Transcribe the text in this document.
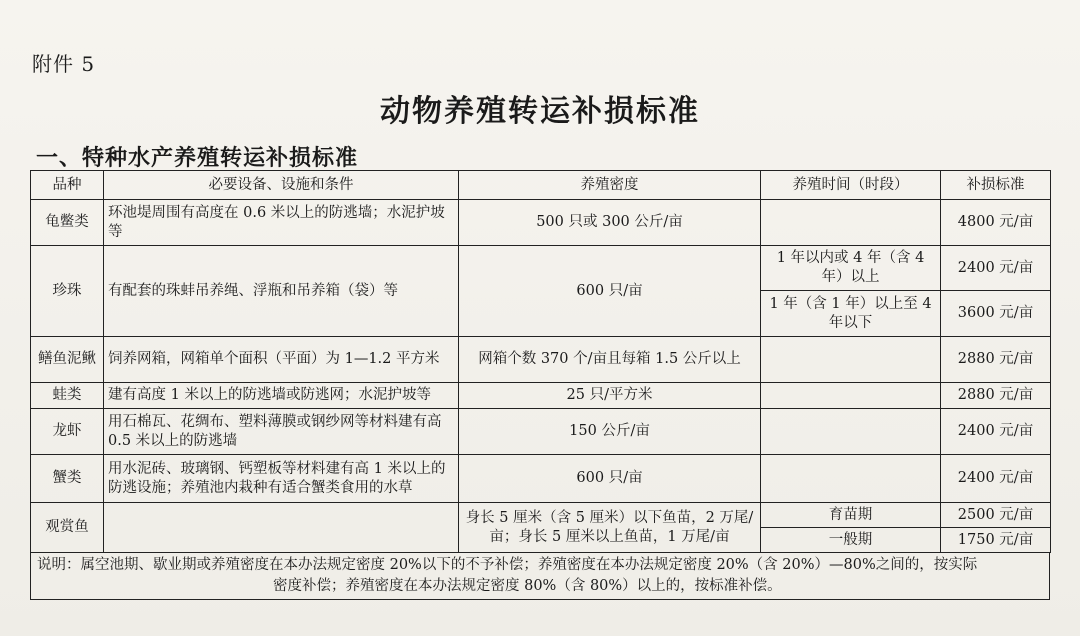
附件 5
动物养殖转运补损标准
一、特种水产养殖转运补损标准
品种	必要设备、设施和条件	养殖密度	养殖时间（时段）	补损标准
龟鳖类	环池堤周围有高度在 0.6 米以上的防逃墙；水泥护坡等	500 只或 300 公斤/亩		4800 元/亩
珍珠	有配套的珠蚌吊养绳、浮瓶和吊养箱（袋）等	600 只/亩	1 年以内或 4 年（含 4 年）以上	2400 元/亩
			1 年（含 1 年）以上至 4 年以下	3600 元/亩
鳝鱼泥鳅	饲养网箱，网箱单个面积（平面）为 1—1.2 平方米	网箱个数 370 个/亩且每箱 1.5 公斤以上		2880 元/亩
蛙类	建有高度 1 米以上的防逃墙或防逃网；水泥护坡等	25 只/平方米		2880 元/亩
龙虾	用石棉瓦、花绸布、塑料薄膜或钢纱网等材料建有高 0.5 米以上的防逃墙	150 公斤/亩		2400 元/亩
蟹类	用水泥砖、玻璃钢、钙塑板等材料建有高 1 米以上的防逃设施；养殖池内栽种有适合蟹类食用的水草	600 只/亩		2400 元/亩
观赏鱼		身长 5 厘米（含 5 厘米）以下鱼苗，2 万尾/亩；身长 5 厘米以上鱼苗，1 万尾/亩	育苗期	2500 元/亩
			一般期	1750 元/亩
说明：属空池期、歇业期或养殖密度在本办法规定密度 20%以下的不予补偿；养殖密度在本办法规定密度 20%（含 20%）—80%之间的，按实际
密度补偿；养殖密度在本办法规定密度 80%（含 80%）以上的，按标准补偿。
